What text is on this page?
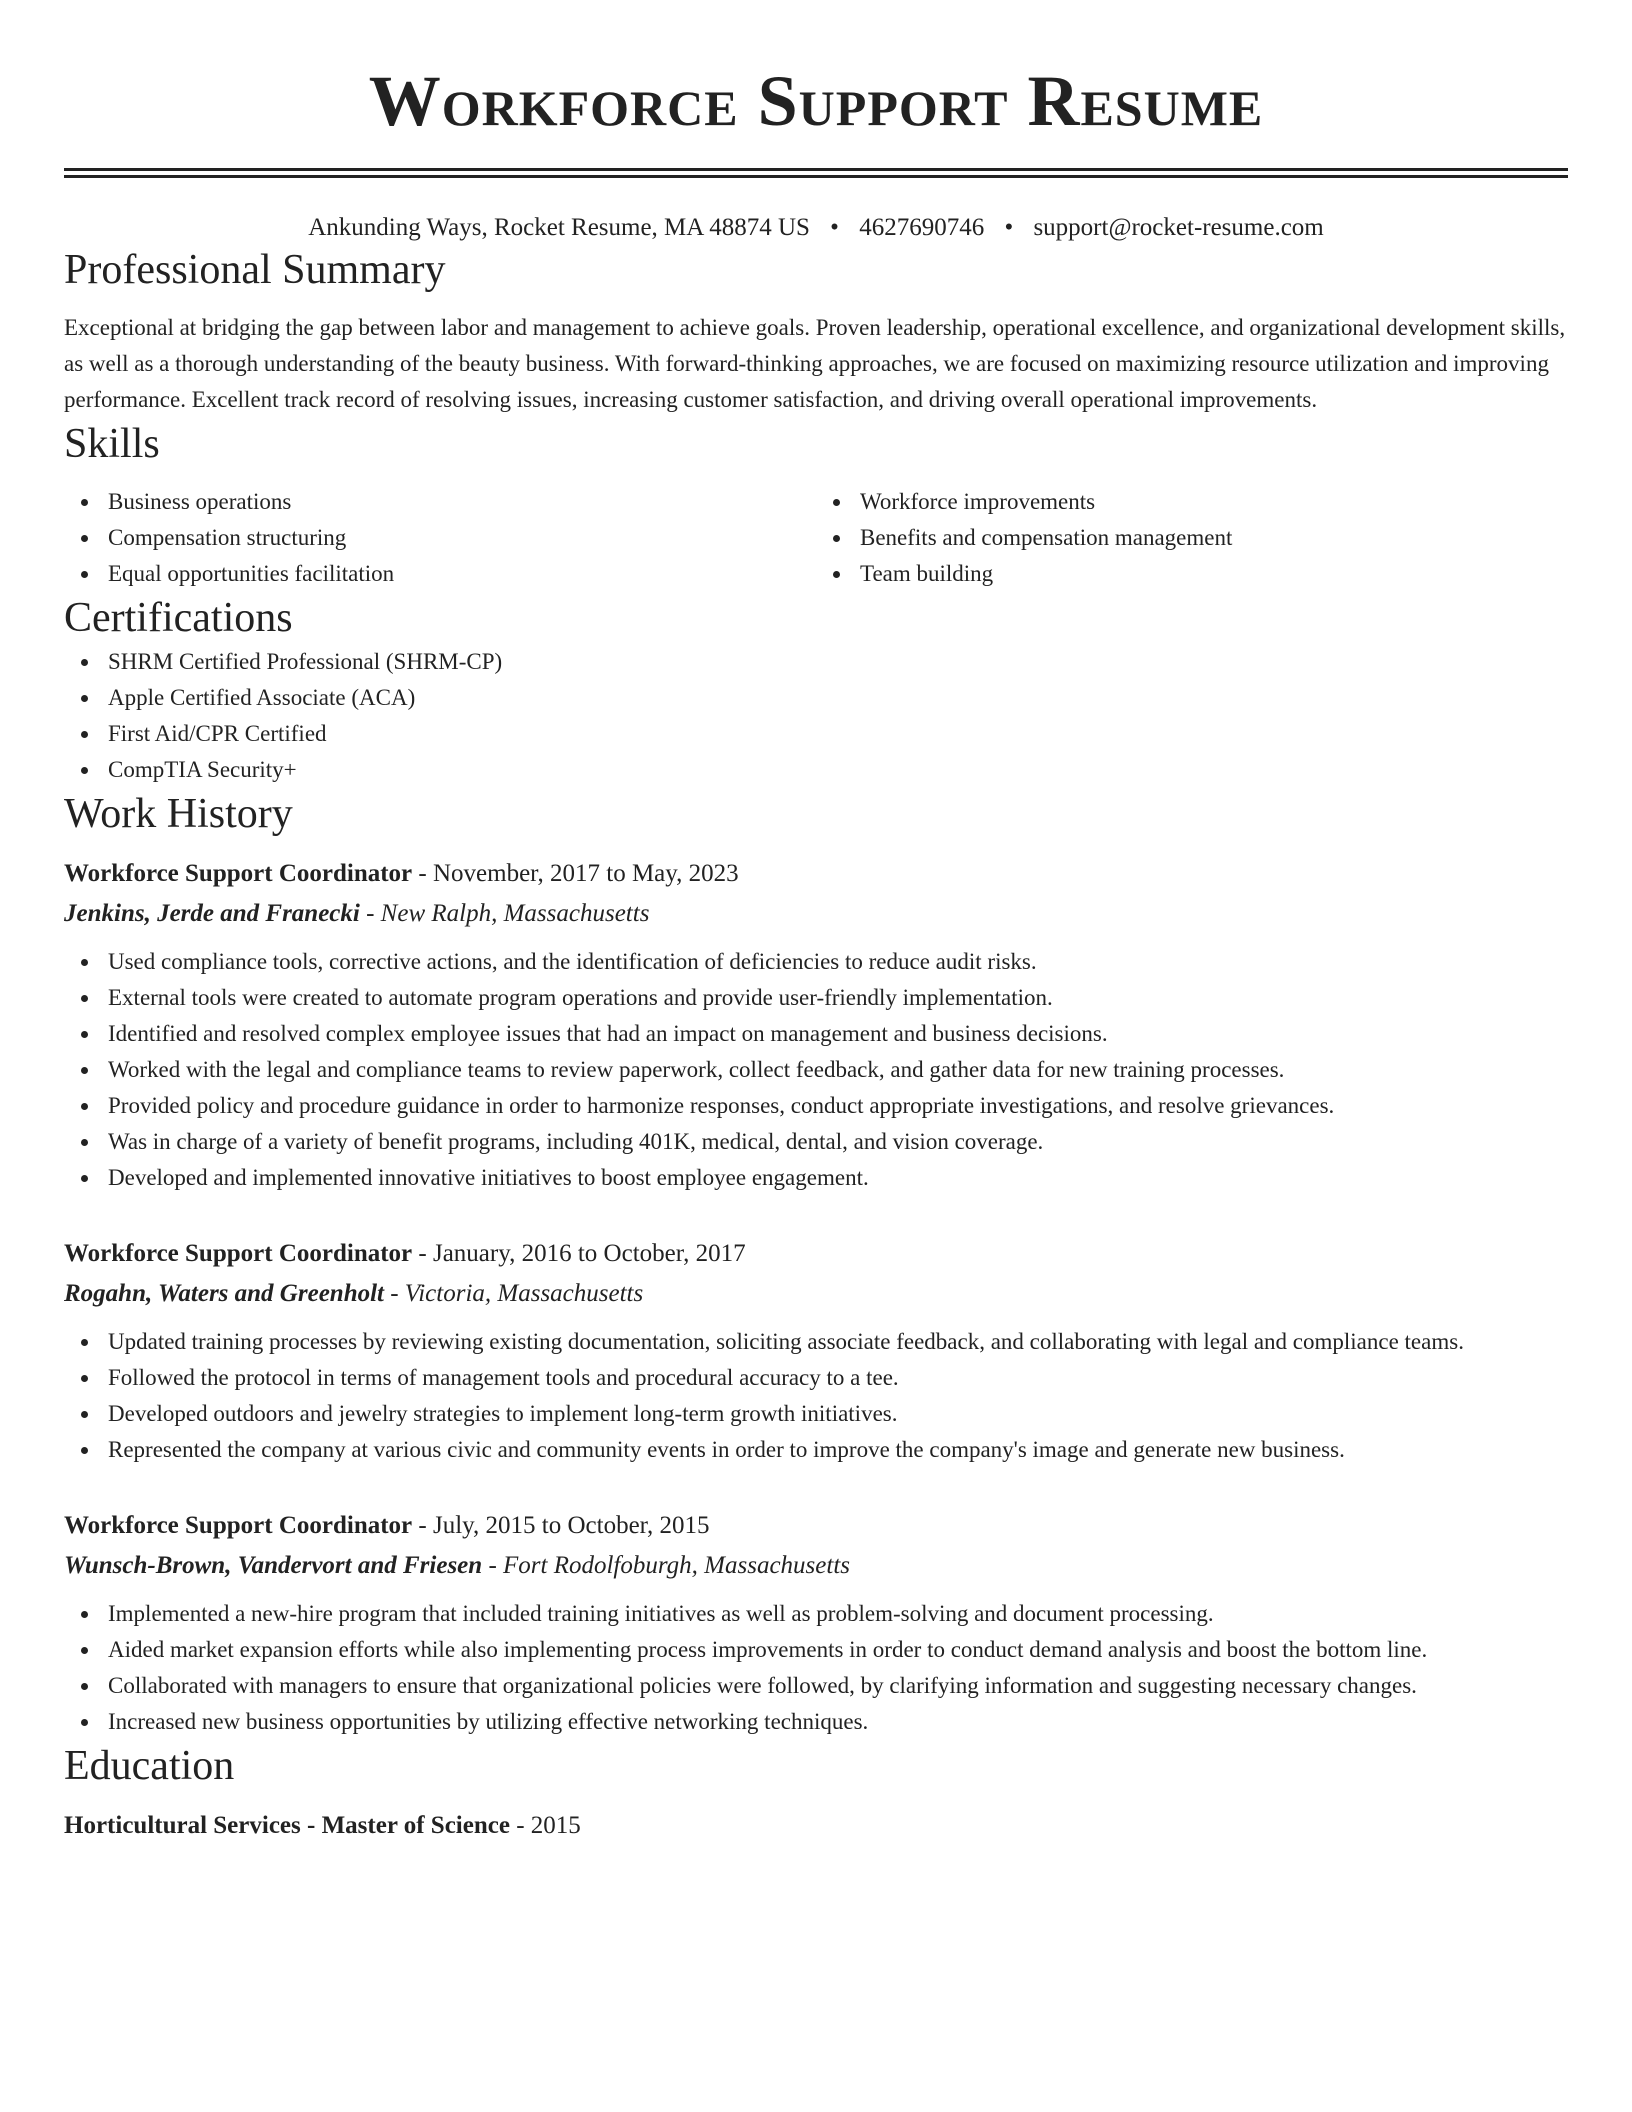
Workforce Support Resume
Ankunding Ways, Rocket Resume, MA 48874 US • 4627690746 • support@rocket-resume.com
Professional Summary

Exceptional at bridging the gap between labor and management to achieve goals. Proven leadership, operational excellence, and organizational development skills, as well as a thorough understanding of the beauty business. With forward-thinking approaches, we are focused on maximizing resource utilization and improving performance. Excellent track record of resolving issues, increasing customer satisfaction, and driving overall operational improvements.

Skills
Business operations
Compensation structuring
Equal opportunities facilitation
Workforce improvements
Benefits and compensation management
Team building
Certifications
SHRM Certified Professional (SHRM-CP)
Apple Certified Associate (ACA)
First Aid/CPR Certified
CompTIA Security+
Work History
Workforce Support Coordinator - November, 2017 to May, 2023
Jenkins, Jerde and Franecki - New Ralph, Massachusetts
Used compliance tools, corrective actions, and the identification of deficiencies to reduce audit risks.
External tools were created to automate program operations and provide user-friendly implementation.
Identified and resolved complex employee issues that had an impact on management and business decisions.
Worked with the legal and compliance teams to review paperwork, collect feedback, and gather data for new training processes.
Provided policy and procedure guidance in order to harmonize responses, conduct appropriate investigations, and resolve grievances.
Was in charge of a variety of benefit programs, including 401K, medical, dental, and vision coverage.
Developed and implemented innovative initiatives to boost employee engagement.
Workforce Support Coordinator - January, 2016 to October, 2017
Rogahn, Waters and Greenholt - Victoria, Massachusetts
Updated training processes by reviewing existing documentation, soliciting associate feedback, and collaborating with legal and compliance teams.
Followed the protocol in terms of management tools and procedural accuracy to a tee.
Developed outdoors and jewelry strategies to implement long-term growth initiatives.
Represented the company at various civic and community events in order to improve the company's image and generate new business.
Workforce Support Coordinator - July, 2015 to October, 2015
Wunsch-Brown, Vandervort and Friesen - Fort Rodolfoburgh, Massachusetts
Implemented a new-hire program that included training initiatives as well as problem-solving and document processing.
Aided market expansion efforts while also implementing process improvements in order to conduct demand analysis and boost the bottom line.
Collaborated with managers to ensure that organizational policies were followed, by clarifying information and suggesting necessary changes.
Increased new business opportunities by utilizing effective networking techniques.
Education
Horticultural Services - Master of Science - 2015
